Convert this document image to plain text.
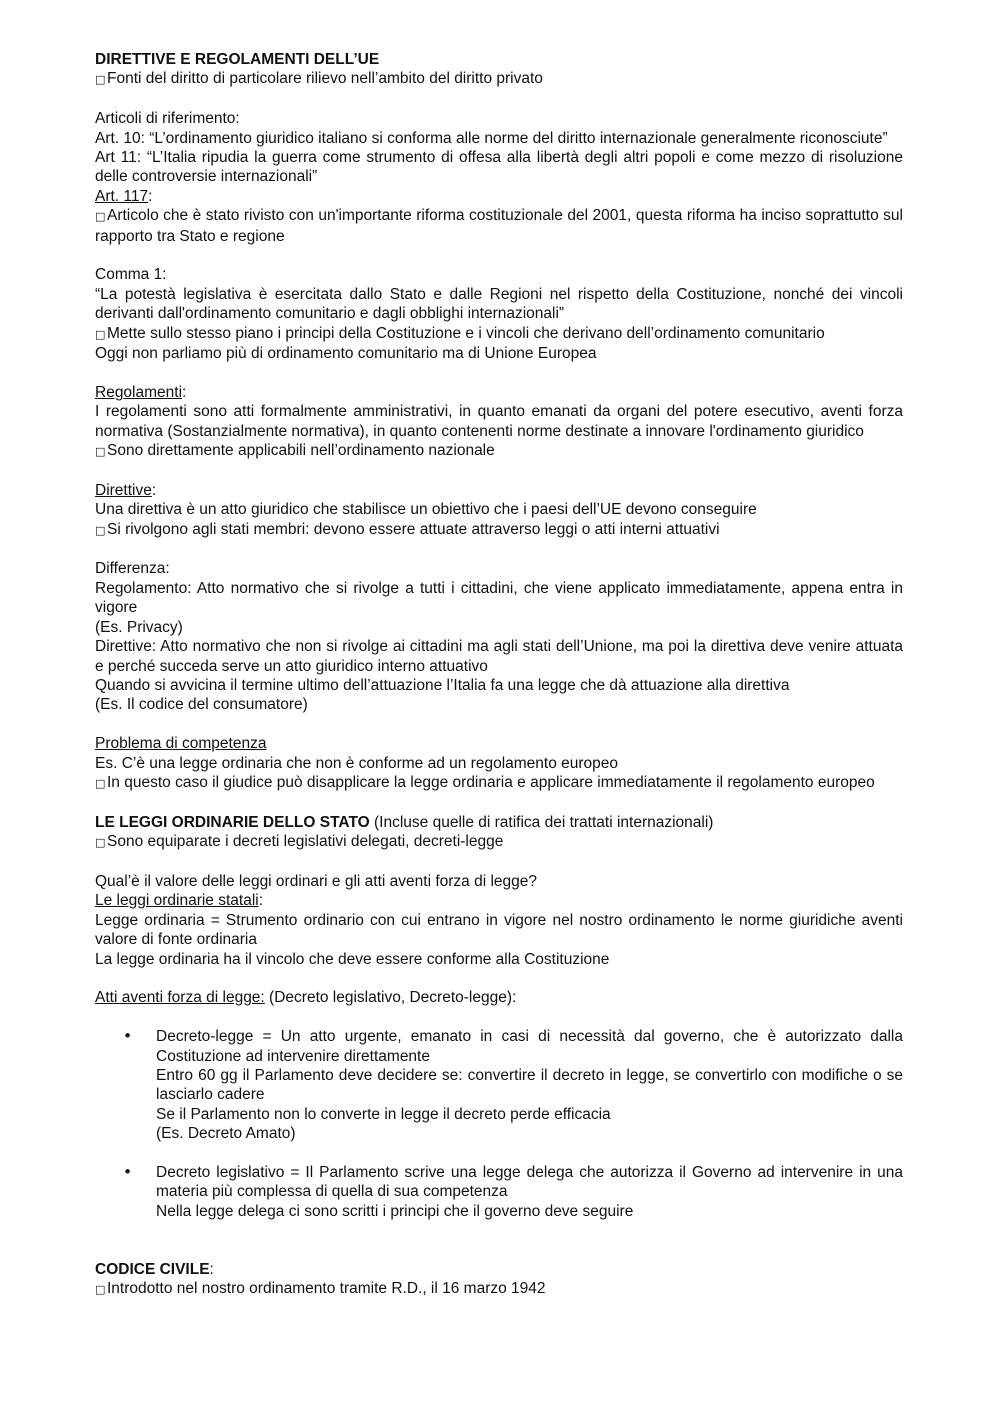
DIRETTIVE E REGOLAMENTI DELL’UE

□Fonti del diritto di particolare rilievo nell’ambito del diritto privato

Articoli di riferimento:

Art. 10: “L’ordinamento giuridico italiano si conforma alle norme del diritto internazionale generalmente riconosciute”

Art 11: “L’Italia ripudia la guerra come strumento di offesa alla libertà degli altri popoli e come mezzo di risoluzione delle controversie internazionali”

Art. 117:

□Articolo che è stato rivisto con un'importante riforma costituzionale del 2001, questa riforma ha inciso soprattutto sul rapporto tra Stato e regione

Comma 1:

“La potestà legislativa è esercitata dallo Stato e dalle Regioni nel rispetto della Costituzione, nonché dei vincoli derivanti dall'ordinamento comunitario e dagli obblighi internazionali”

□Mette sullo stesso piano i principi della Costituzione e i vincoli che derivano dell’ordinamento comunitario

Oggi non parliamo più di ordinamento comunitario ma di Unione Europea

Regolamenti:

I regolamenti sono atti formalmente amministrativi, in quanto emanati da organi del potere esecutivo, aventi forza normativa (Sostanzialmente normativa), in quanto contenenti norme destinate a innovare l'ordinamento giuridico

□Sono direttamente applicabili nell’ordinamento nazionale

Direttive:

Una direttiva è un atto giuridico che stabilisce un obiettivo che i paesi dell’UE devono conseguire

□Si rivolgono agli stati membri: devono essere attuate attraverso leggi o atti interni attuativi

Differenza:

Regolamento: Atto normativo che si rivolge a tutti i cittadini, che viene applicato immediatamente, appena entra in vigore

(Es. Privacy)

Direttive: Atto normativo che non si rivolge ai cittadini ma agli stati dell’Unione, ma poi la direttiva deve venire attuata e perché succeda serve un atto giuridico interno attuativo

Quando si avvicina il termine ultimo dell’attuazione l’Italia fa una legge che dà attuazione alla direttiva

(Es. Il codice del consumatore)

Problema di competenza

Es. C’è una legge ordinaria che non è conforme ad un regolamento europeo

□In questo caso il giudice può disapplicare la legge ordinaria e applicare immediatamente il regolamento europeo

LE LEGGI ORDINARIE DELLO STATO (Incluse quelle di ratifica dei trattati internazionali)

□Sono equiparate i decreti legislativi delegati, decreti-legge

Qual’è il valore delle leggi ordinari e gli atti aventi forza di legge?

Le leggi ordinarie statali:

Legge ordinaria = Strumento ordinario con cui entrano in vigore nel nostro ordinamento le norme giuridiche aventi valore di fonte ordinaria

La legge ordinaria ha il vincolo che deve essere conforme alla Costituzione

Atti aventi forza di legge: (Decreto legislativo, Decreto-legge):

•

Decreto-legge = Un atto urgente, emanato in casi di necessità dal governo, che è autorizzato dalla Costituzione ad intervenire direttamente

Entro 60 gg il Parlamento deve decidere se: convertire il decreto in legge, se convertirlo con modifiche o se lasciarlo cadere

Se il Parlamento non lo converte in legge il decreto perde efficacia

(Es. Decreto Amato)

•

Decreto legislativo = Il Parlamento scrive una legge delega che autorizza il Governo ad intervenire in una materia più complessa di quella di sua competenza

Nella legge delega ci sono scritti i principi che il governo deve seguire

CODICE CIVILE:

□Introdotto nel nostro ordinamento tramite R.D., il 16 marzo 1942
